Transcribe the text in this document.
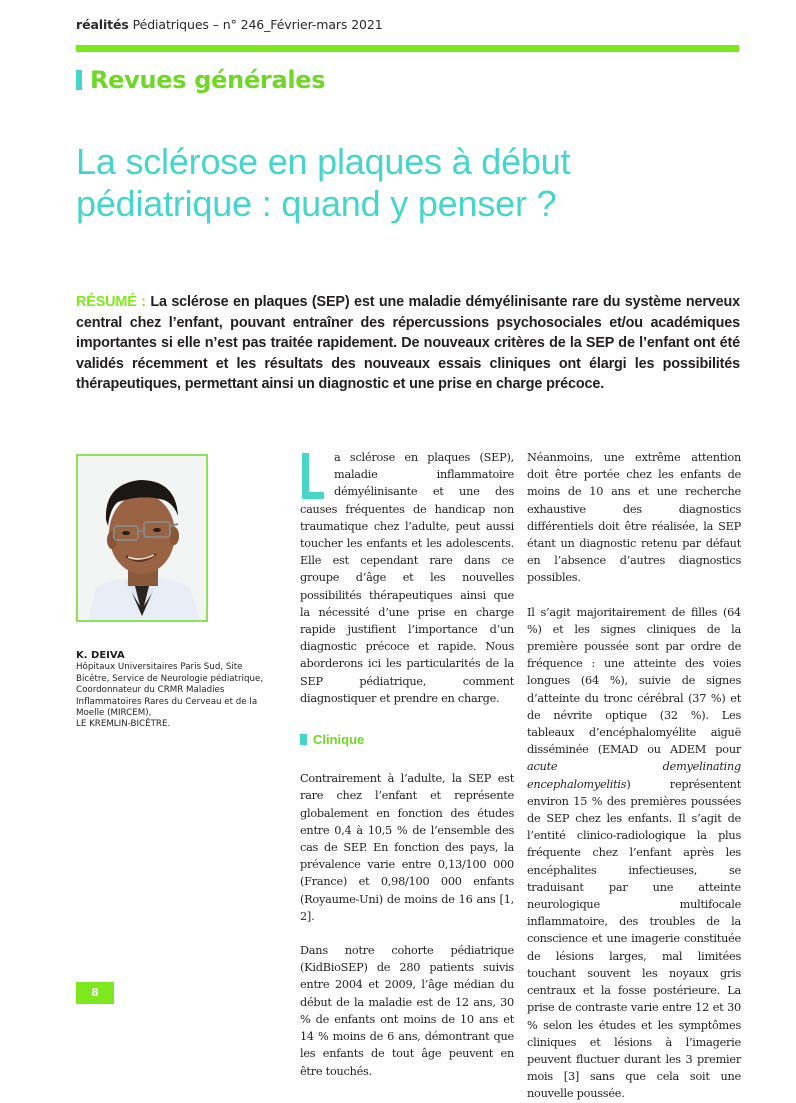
réalités Pédiatriques – n° 246_Février-mars 2021
Revues générales
La sclérose en plaques à début pédiatrique : quand y penser ?
RÉSUMÉ : La sclérose en plaques (SEP) est une maladie démyélinisante rare du système nerveux central chez l’enfant, pouvant entraîner des répercussions psychosociales et/ou académiques importantes si elle n’est pas traitée rapidement. De nouveaux critères de la SEP de l’enfant ont été validés récemment et les résultats des nouveaux essais cliniques ont élargi les possibilités thérapeutiques, permettant ainsi un diagnostic et une prise en charge précoce.
K. DEIVA
Hôpitaux Universitaires Paris Sud, Site Bicêtre, Service de Neurologie pédiatrique, Coordonnateur du CRMR Maladies Inflammatoires Rares du Cerveau et de la Moelle (MIRCEM),
LE KREMLIN-BICÊTRE.

a sclérose en plaques (SEP), maladie inflammatoire démyélinisante et une des causes fréquentes de handicap non traumatique chez l’adulte, peut aussi toucher les enfants et les adolescents. Elle est cependant rare dans ce groupe d’âge et les nouvelles possibilités thérapeutiques ainsi que la nécessité d’une prise en charge rapide justifient l’importance d’un diagnostic précoce et rapide. Nous aborderons ici les particularités de la SEP pédiatrique, comment diagnostiquer et prendre en charge.

Clinique

Contrairement à l’adulte, la SEP est rare chez l’enfant et représente globalement en fonction des études entre 0,4 à 10,5 % de l’ensemble des cas de SEP. En fonction des pays, la prévalence varie entre 0,13/100 000 (France) et 0,98/100 000 enfants (Royaume-Uni) de moins de 16 ans [1, 2].

Dans notre cohorte pédiatrique (KidBioSEP) de 280 patients suivis entre 2004 et 2009, l’âge médian du début de la maladie est de 12 ans, 30 % de enfants ont moins de 10 ans et 14 % moins de 6 ans, démontrant que les enfants de tout âge peuvent en être touchés.

Néanmoins, une extrême attention doit être portée chez les enfants de moins de 10 ans et une recherche exhaustive des diagnostics différentiels doit être réalisée, la SEP étant un diagnostic retenu par défaut en l’absence d’autres diagnostics possibles.

Il s’agit majoritairement de filles (64 %) et les signes cliniques de la première poussée sont par ordre de fréquence : une atteinte des voies longues (64 %), suivie de signes d’atteinte du tronc cérébral (37 %) et de névrite optique (32 %). Les tableaux d’encéphalomyélite aiguë disséminée (EMAD ou ADEM pour acute demyelinating encephalomyelitis) représentent environ 15 % des premières poussées de SEP chez les enfants. Il s’agit de l’entité clinico-radiologique la plus fréquente chez l’enfant après les encéphalites infectieuses, se traduisant par une atteinte neurologique multifocale inflammatoire, des troubles de la conscience et une imagerie constituée de lésions larges, mal limitées touchant souvent les noyaux gris centraux et la fosse postérieure. La prise de contraste varie entre 12 et 30 % selon les études et les symptômes cliniques et lésions à l’imagerie peuvent fluctuer durant les 3 premier mois [3] sans que cela soit une nouvelle poussée.

8
